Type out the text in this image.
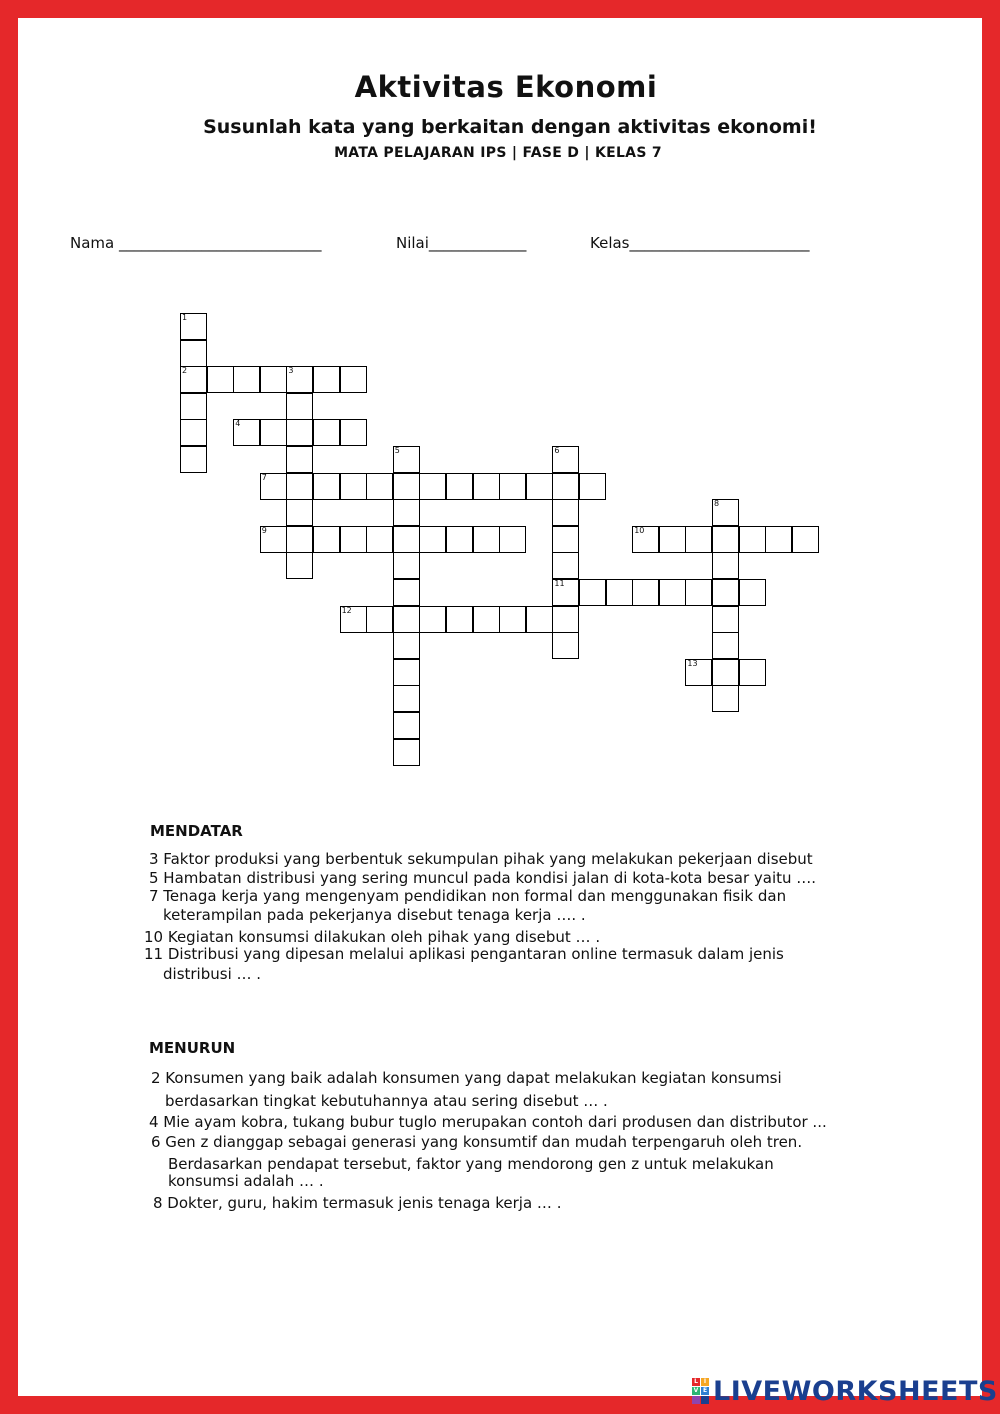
Aktivitas Ekonomi
Susunlah kata yang berkaitan dengan aktivitas ekonomi!
MATA PELAJARAN IPS | FASE D | KELAS 7
Nama ___________________________	Nilai_____________	Kelas________________________
1
2	3
5	6
11
8
4
7
9	10
12
13
MENDATAR
3 Faktor produksi yang berbentuk sekumpulan pihak yang melakukan pekerjaan disebut
5 Hambatan distribusi yang sering muncul pada kondisi jalan di kota-kota besar yaitu ….
7 Tenaga kerja yang mengenyam pendidikan non formal dan menggunakan fisik dan
keterampilan pada pekerjanya disebut tenaga kerja …. .
10 Kegiatan konsumsi dilakukan oleh pihak yang disebut … .
11 Distribusi yang dipesan melalui aplikasi pengantaran online termasuk dalam jenis
distribusi … .
MENURUN
2 Konsumen yang baik adalah konsumen yang dapat melakukan kegiatan konsumsi
berdasarkan tingkat kebutuhannya atau sering disebut … .
4 Mie ayam kobra, tukang bubur tuglo merupakan contoh dari produsen dan distributor ...
6 Gen z dianggap sebagai generasi yang konsumtif dan mudah terpengaruh oleh tren.
Berdasarkan pendapat tersebut, faktor yang mendorong gen z untuk melakukan
konsumsi adalah … .
8 Dokter, guru, hakim termasuk jenis tenaga kerja … .
L I
V E LIVEWORKSHEETS
